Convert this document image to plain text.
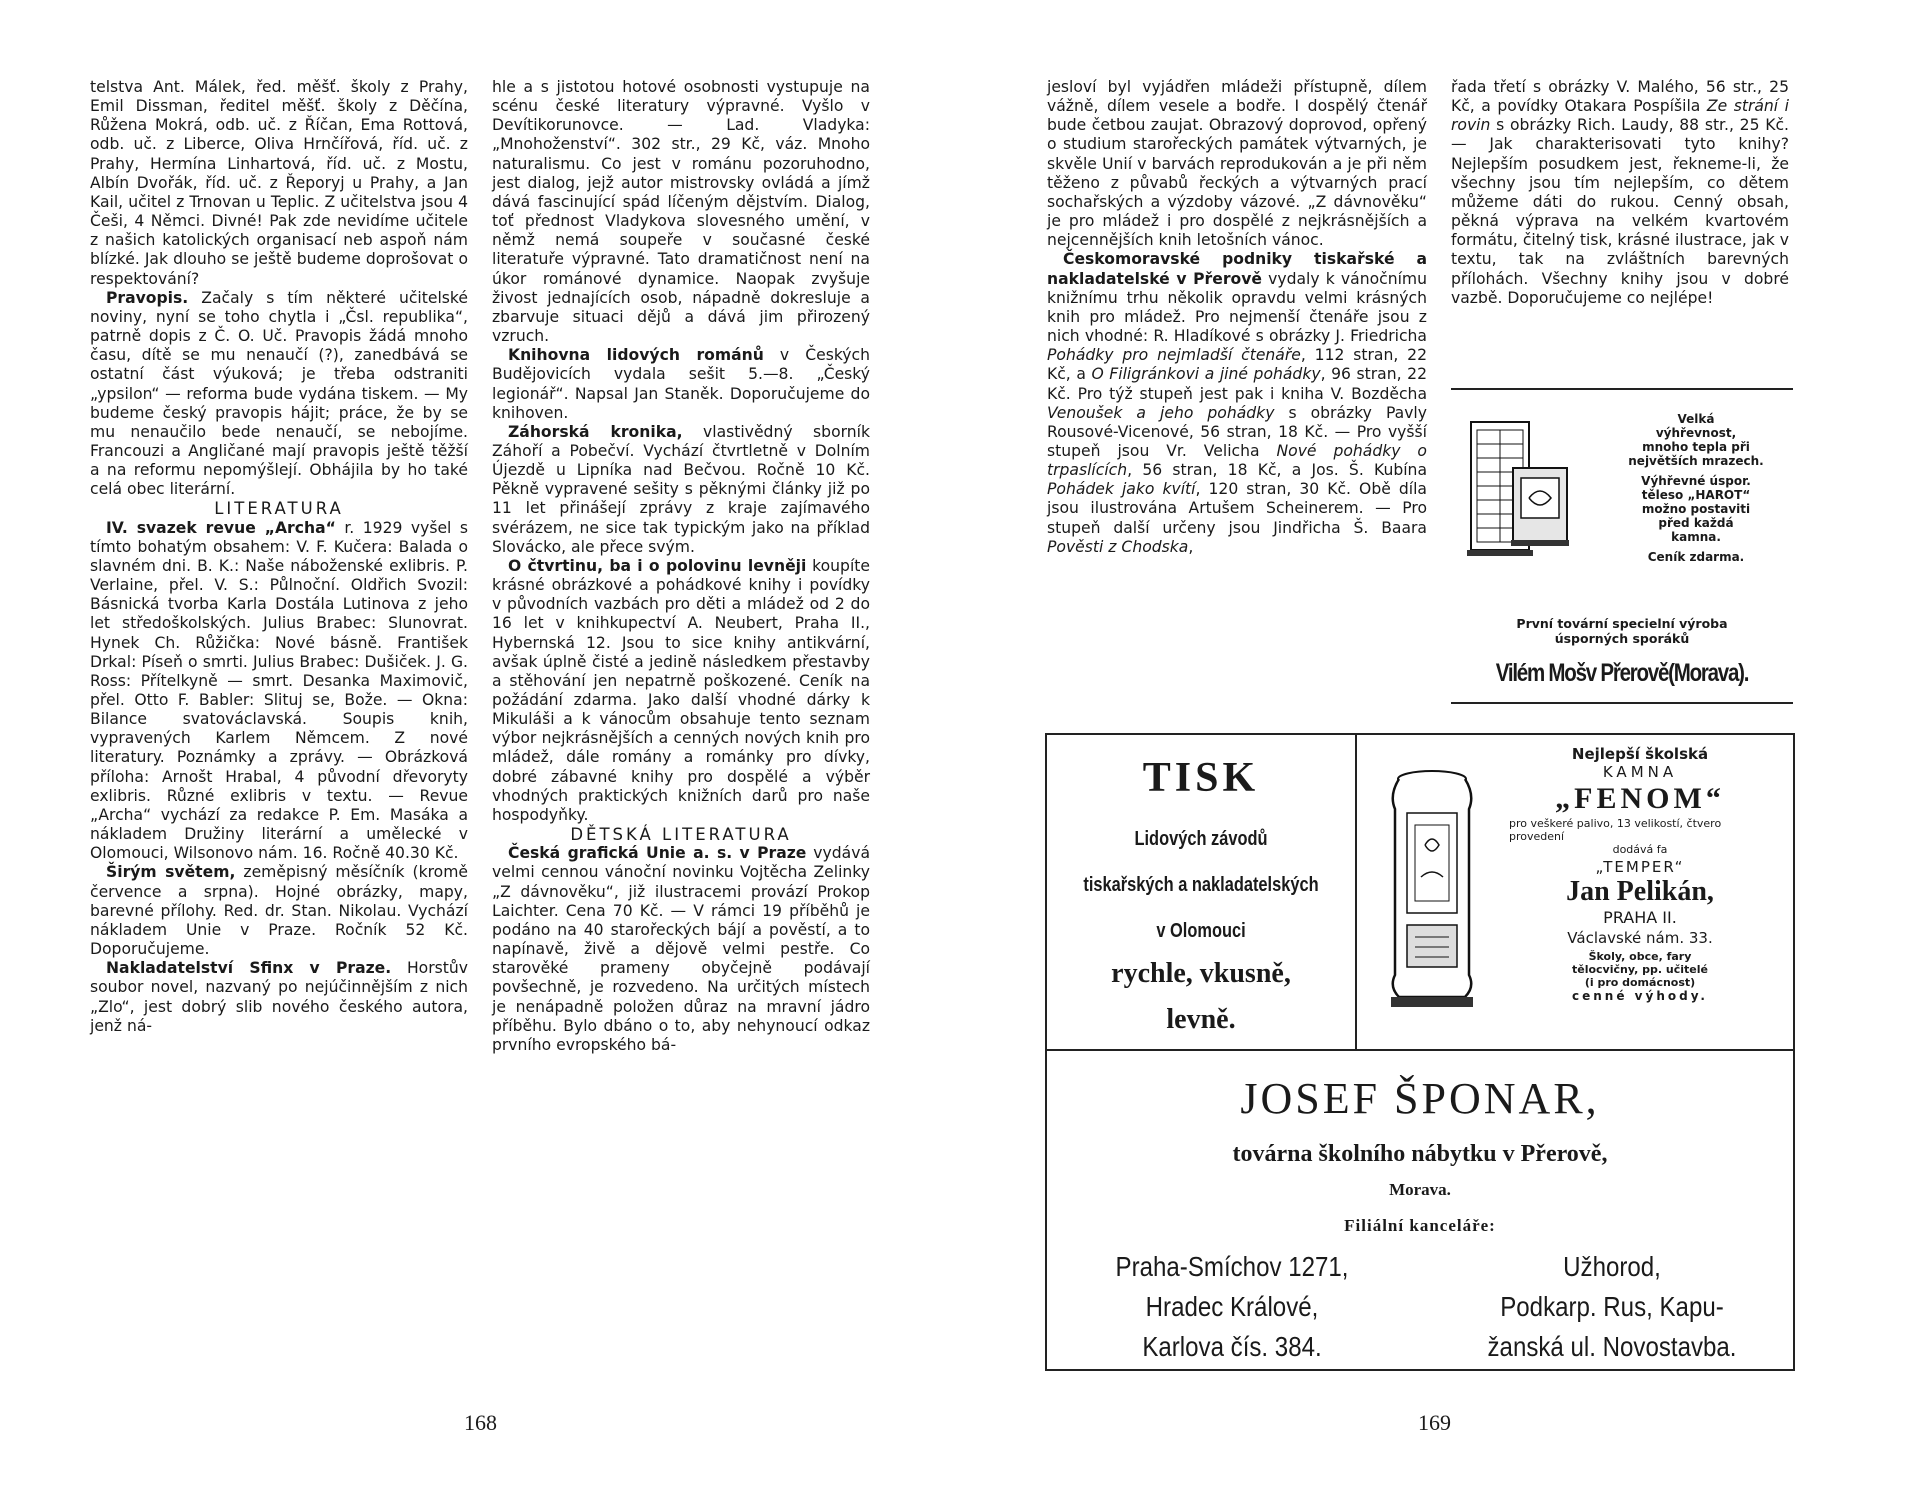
telstva Ant. Málek, řed. měšť. školy z Prahy, Emil Dissman, ředitel měšť. školy z Děčína, Růžena Mokrá, odb. uč. z Říčan, Ema Rottová, odb. uč. z Liberce, Oliva Hrnčířová, říd. uč. z Prahy, Hermína Linhartová, říd. uč. z Mostu, Albín Dvořák, říd. uč. z Řeporyj u Prahy, a Jan Kail, učitel z Trnovan u Teplic. Z učitelstva jsou 4 Češi, 4 Němci. Divné! Pak zde nevidíme učitele z našich katolických organisací neb aspoň nám blízké. Jak dlouho se ještě budeme doprošovat o respektování?

Pravopis. Začaly s tím některé učitelské noviny, nyní se toho chytla i „Čsl. republika“, patrně dopis z Č. O. Uč. Pravopis žádá mnoho času, dítě se mu nenaučí (?), zanedbává se ostatní část výuková; je třeba odstraniti „ypsilon“ — reforma bude vydána tiskem. — My budeme český pravopis hájit; práce, že by se mu nenaučilo bede nenaučí, se nebojíme. Francouzi a Angličané mají pravopis ještě těžší a na reformu nepomýšlejí. Obhájila by ho také celá obec literární.

LITERATURA

IV. svazek revue „Archa“ r. 1929 vyšel s tímto bohatým obsahem: V. F. Kučera: Balada o slavném dni. B. K.: Naše náboženské exlibris. P. Verlaine, přel. V. S.: Půlnoční. Oldřich Svozil: Básnická tvorba Karla Dostála Lutinova z jeho let středoškolských. Julius Brabec: Slunovrat. Hynek Ch. Růžička: Nové básně. František Drkal: Píseň o smrti. Julius Brabec: Dušiček. J. G. Ross: Přítelkyně — smrt. Desanka Maximovič, přel. Otto F. Babler: Slituj se, Bože. — Okna: Bilance svatováclavská. Soupis knih, vypravených Karlem Němcem. Z nové literatury. Poznámky a zprávy. — Obrázková příloha: Arnošt Hrabal, 4 původní dřevoryty exlibris. Různé exlibris v textu. — Revue „Archa“ vychází za redakce P. Em. Masáka a nákladem Družiny literární a umělecké v Olomouci, Wilsonovo nám. 16. Ročně 40.30 Kč.

Širým světem, zeměpisný měsíčník (kromě července a srpna). Hojné obrázky, mapy, barevné přílohy. Red. dr. Stan. Nikolau. Vychází nákladem Unie v Praze. Ročník 52 Kč. Doporučujeme.

Nakladatelství Sfinx v Praze. Horstův soubor novel, nazvaný po nejúčinnějším z nich „Zlo“, jest dobrý slib nového českého autora, jenž ná-

hle a s jistotou hotové osobnosti vystupuje na scénu české literatury výpravné. Vyšlo v Devítikorunovce. — Lad. Vladyka: „Mnohoženství“. 302 str., 29 Kč, váz. Mnoho naturalismu. Co jest v románu pozoruhodno, jest dialog, jejž autor mistrovsky ovládá a jímž dává fascinující spád líčeným dějstvím. Dialog, toť přednost Vladykova slovesného umění, v němž nemá soupeře v současné české literatuře výpravné. Tato dramatičnost není na úkor románové dynamice. Naopak zvyšuje živost jednajících osob, nápadně dokresluje a zbarvuje situaci dějů a dává jim přirozený vzruch.

Knihovna lidových románů v Českých Budějovicích vydala sešit 5.—8. „Český legionář“. Napsal Jan Staněk. Doporučujeme do knihoven.

Záhorská kronika, vlastivědný sborník Záhoří a Pobečví. Vychází čtvrtletně v Dolním Újezdě u Lipníka nad Bečvou. Ročně 10 Kč. Pěkně vypravené sešity s pěknými články již po 11 let přinášejí zprávy z kraje zajímavého svérázem, ne sice tak typickým jako na příklad Slovácko, ale přece svým.

O čtvrtinu, ba i o polovinu levněji koupíte krásné obrázkové a pohádkové knihy i povídky v původních vazbách pro děti a mládež od 2 do 16 let v knihkupectví A. Neubert, Praha II., Hybernská 12. Jsou to sice knihy antikvární, avšak úplně čisté a jedině následkem přestavby a stěhování jen nepatrně poškozené. Ceník na požádání zdarma. Jako další vhodné dárky k Mikuláši a k vánocům obsahuje tento seznam výbor nejkrásnějších a cenných nových knih pro mládež, dále romány a románky pro dívky, dobré zábavné knihy pro dospělé a výběr vhodných praktických knižních darů pro naše hospodyňky.

DĚTSKÁ LITERATURA

Česká grafická Unie a. s. v Praze vydává velmi cennou vánoční novinku Vojtěcha Zelinky „Z dávnověku“, již ilustracemi provází Prokop Laichter. Cena 70 Kč. — V rámci 19 příběhů je podáno na 40 starořeckých bájí a pověstí, a to napínavě, živě a dějově velmi pestře. Co starověké prameny obyčejně podávají povšechně, je rozvedeno. Na určitých místech je nenápadně položen důraz na mravní jádro příběhu. Bylo dbáno o to, aby nehynoucí odkaz prvního evropského bá-

168

jesloví byl vyjádřen mládeži přístupně, dílem vážně, dílem vesele a bodře. I dospělý čtenář bude četbou zaujat. Obrazový doprovod, opřený o studium starořeckých památek výtvarných, je skvěle Unií v barvách reprodukován a je při něm těženo z půvabů řeckých a výtvarných prací sochařských a výzdoby vázové. „Z dávnověku“ je pro mládež i pro dospělé z nejkrásnějších a nejcennějších knih letošních vánoc.

Českomoravské podniky tiskařské a nakladatelské v Přerově vydaly k vánočnímu knižnímu trhu několik opravdu velmi krásných knih pro mládež. Pro nejmenší čtenáře jsou z nich vhodné: R. Hladíkové s obrázky J. Friedricha Pohádky pro nejmladší čtenáře, 112 stran, 22 Kč, a O Filigránkovi a jiné pohádky, 96 stran, 22 Kč. Pro týž stupeň jest pak i kniha V. Bozděcha Venoušek a jeho pohádky s obrázky Pavly Rousové-Vicenové, 56 stran, 18 Kč. — Pro vyšší stupeň jsou Vr. Velicha Nové pohádky o trpaslících, 56 stran, 18 Kč, a Jos. Š. Kubína Pohádek jako kvítí, 120 stran, 30 Kč. Obě díla jsou ilustrována Artušem Scheinerem. — Pro stupeň další určeny jsou Jindřicha Š. Baara Pověsti z Chodska,

řada třetí s obrázky V. Malého, 56 str., 25 Kč, a povídky Otakara Pospíšila Ze strání i rovin s obrázky Rich. Laudy, 88 str., 25 Kč. — Jak charakterisovati tyto knihy? Nejlepším posudkem jest, řekneme-li, že všechny jsou tím nejlepším, co dětem můžeme dáti do rukou. Cenný obsah, pěkná výprava na velkém kvartovém formátu, čitelný tisk, krásné ilustrace, jak v textu, tak na zvláštních barevných přílohách. Všechny knihy jsou v dobré vazbě. Doporučujeme co nejlépe!

Velká
výhřevnost,
mnoho tepla při
největších mrazech.
Výhřevné úspor.
těleso „HAROT“
možno postaviti
před každá
kamna.
Ceník zdarma.
První tovární specielní výroba
úsporných sporáků
Vilém Mošv Přerově(Morava).
TISK
Lidových závodů
tiskařských a nakladatelských
v Olomouci
rychle, vkusně,
levně.
Nejlepší školská
KAMNA
„FENOM“
pro veškeré palivo, 13 velikostí, čtvero provedení
dodává fa
„TEMPER“
Jan Pelikán,
PRAHA II.
Václavské nám. 33.
Školy, obce, fary
tělocvičny, pp. učitelé
(i pro domácnost)
cenné výhody.
JOSEF ŠPONAR,
továrna školního nábytku v Přerově,
Morava.
Filiální kanceláře:
Praha-Smíchov 1271,
Hradec Králové,
Karlova čís. 384.
Užhorod,
Podkarp. Rus, Kapu-
žanská ul. Novostavba.
169
